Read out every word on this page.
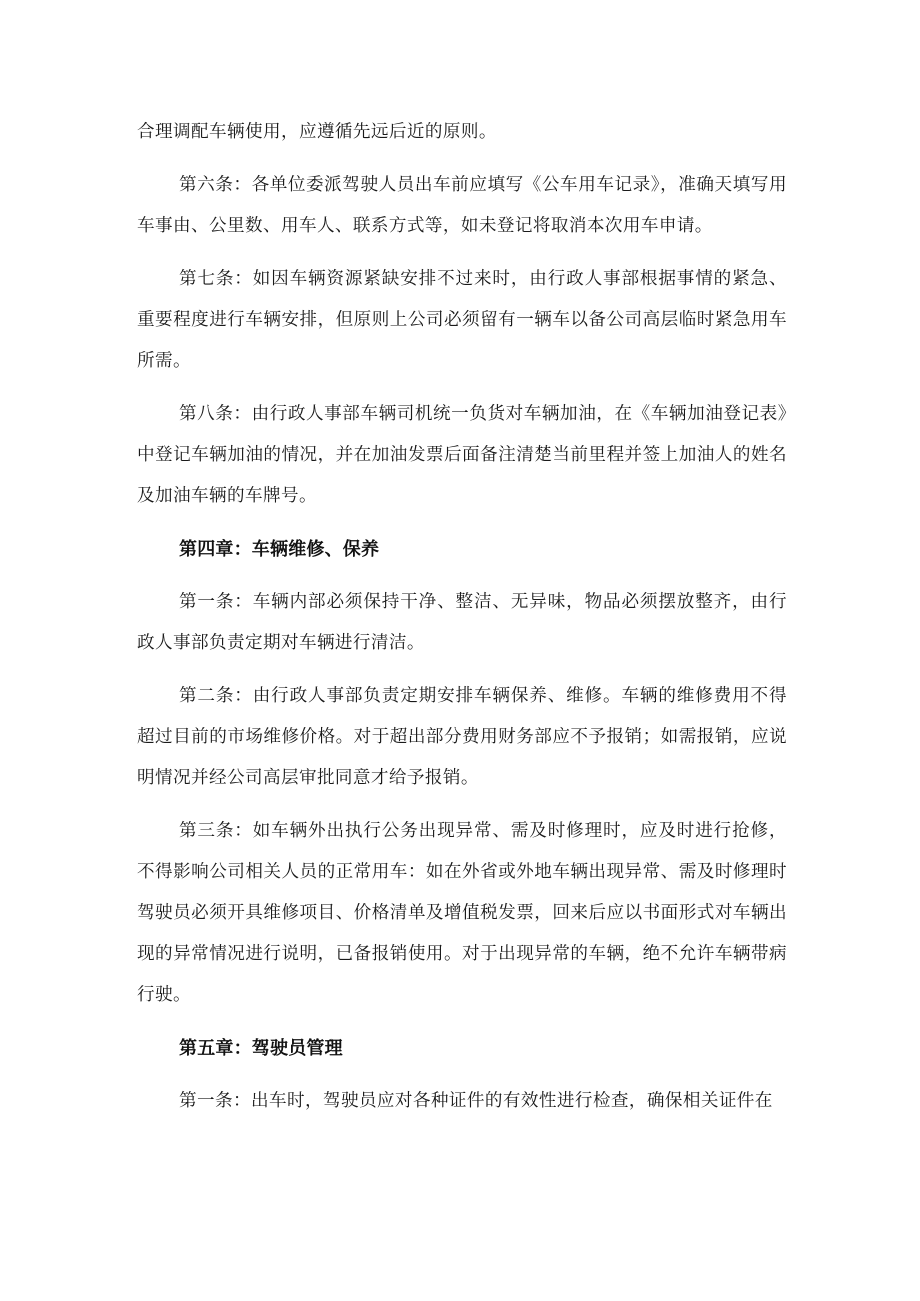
合理调配车辆使用，应遵循先远后近的原则。

第六条：各单位委派驾驶人员出车前应填写《公车用车记录》，准确天填写用车事由、公里数、用车人、联系方式等，如未登记将取消本次用车申请。

第七条：如因车辆资源紧缺安排不过来时，由行政人事部根据事情的紧急、重要程度进行车辆安排，但原则上公司必须留有一辆车以备公司高层临时紧急用车所需。

第八条：由行政人事部车辆司机统一负货对车辆加油，在《车辆加油登记表》中登记车辆加油的情况，并在加油发票后面备注清楚当前里程并签上加油人的姓名及加油车辆的车牌号。

第四章：车辆维修、保养

第一条：车辆内部必须保持干净、整洁、无异味，物品必须摆放整齐，由行政人事部负责定期对车辆进行清洁。

第二条：由行政人事部负责定期安排车辆保养、维修。车辆的维修费用不得超过目前的市场维修价格。对于超出部分费用财务部应不予报销；如需报销，应说明情况并经公司高层审批同意才给予报销。

第三条：如车辆外出执行公务出现异常、需及时修理时，应及时进行抢修，不得影响公司相关人员的正常用车：如在外省或外地车辆出现异常、需及时修理时驾驶员必须开具维修项目、价格清单及增值税发票，回来后应以书面形式对车辆出现的异常情况进行说明，已备报销使用。对于出现异常的车辆，绝不允许车辆带病行驶。

第五章：驾驶员管理

第一条：出车时，驾驶员应对各种证件的有效性进行检查，确保相关证件在
